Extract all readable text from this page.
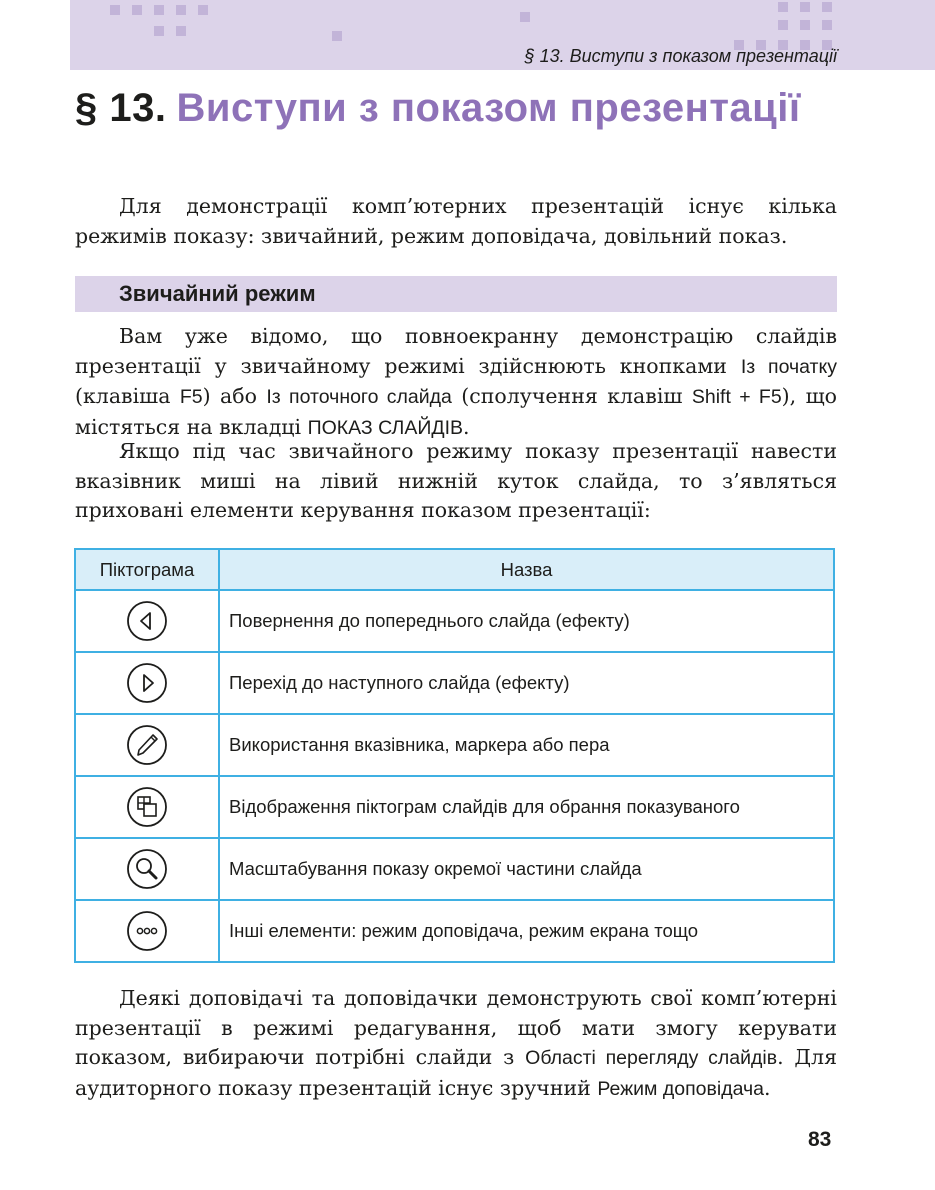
§ 13. Виступи з показом презентації
§ 13. Виступи з показом презентації

Для демонстрації комп’ютерних презентацій існує кілька режимів показу: звичайний, режим доповідача, довільний показ.

Звичайний режим

Вам уже відомо, що повноекранну демонстрацію слайдів презентації у звичайному режимі здійснюють кнопками Із початку (клавіша F5) або Із поточного слайда (сполучення клавіш Shift + F5), що містяться на вкладці ПОКАЗ СЛАЙДІВ.

Якщо під час звичайного режиму показу презентації навести вказівник миші на лівий нижній куток слайда, то з’являться приховані елементи керування показом презентації:

Піктограма	Назва
	Повернення до попереднього слайда (ефекту)
	Перехід до наступного слайда (ефекту)
	Використання вказівника, маркера або пера
	Відображення піктограм слайдів для обрання показуваного
	Масштабування показу окремої частини слайда
	Інші елементи: режим доповідача, режим екрана тощо

Деякі доповідачі та доповідачки демонструють свої комп’ютерні презентації в режимі редагування, щоб мати змогу керувати показом, вибираючи потрібні слайди з Області перегляду слайдів. Для аудиторного показу презентацій існує зручний Режим доповідача.

83
